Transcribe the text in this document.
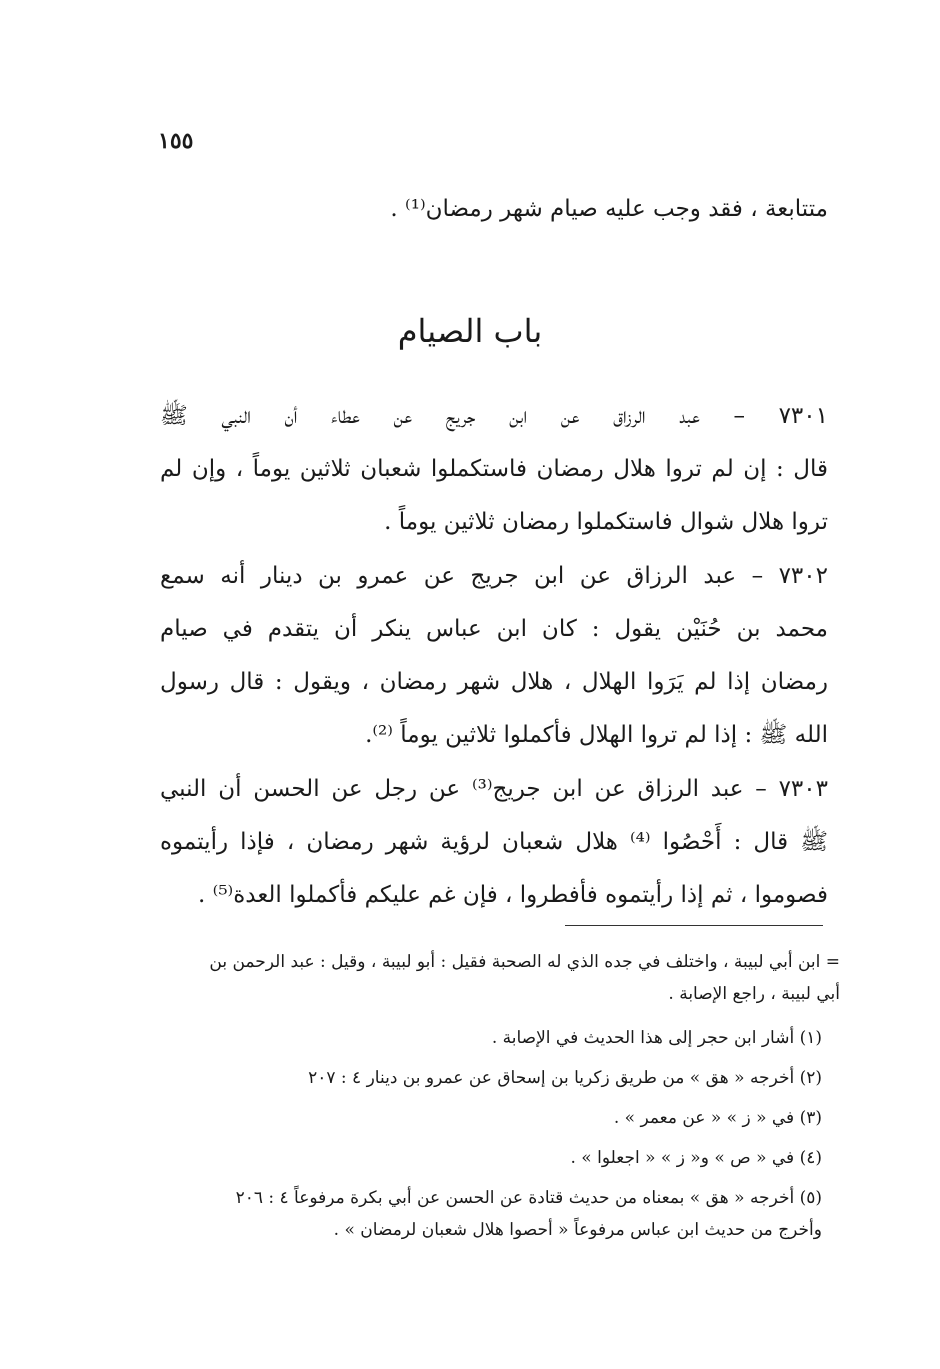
١٥٥
متتابعة ، فقد وجب عليه صيام شهر رمضان⁽¹⁾ .
باب الصيام
٧٣٠١ – عبد الرزاق عن ابن جريج عن عطاء أن النبي ﷺ
قال : إن لم تروا هلال رمضان فاستكملوا شعبان ثلاثين يوماً ، وإن لم
تروا هلال شوال فاستكملوا رمضان ثلاثين يوماً .
٧٣٠٢ – عبد الرزاق عن ابن جريج عن عمرو بن دينار أنه سمع
محمد بن حُنَيْن يقول : كان ابن عباس ينكر أن يتقدم في صيام
رمضان إذا لم يَرَوا الهلال ، هلال شهر رمضان ، ويقول : قال رسول
الله ﷺ : إذا لم تروا الهلال فأكملوا ثلاثين يوماً ⁽²⁾.
٧٣٠٣ – عبد الرزاق عن ابن جريج⁽³⁾ عن رجل عن الحسن أن النبي
ﷺ قال : أَحْصُوا ⁽⁴⁾ هلال شعبان لرؤية شهر رمضان ، فإذا رأيتموه
فصوموا ، ثم إذا رأيتموه فأفطروا ، فإن غم عليكم فأكملوا العدة⁽⁵⁾ .
= ابن أبي لبيبة ، واختلف في جده الذي له الصحبة فقيل : أبو لبيبة ، وقيل : عبد الرحمن بن
أبي لبيبة ، راجع الإصابة .
(١) أشار ابن حجر إلى هذا الحديث في الإصابة .
(٢) أخرجه « هق » من طريق زكريا بن إسحاق عن عمرو بن دينار ٤ : ٢٠٧
(٣) في « ز » « عن معمر » .
(٤) في « ص » و« ز » « اجعلوا » .
(٥) أخرجه « هق » بمعناه من حديث قتادة عن الحسن عن أبي بكرة مرفوعاً ٤ : ٢٠٦
وأخرج من حديث ابن عباس مرفوعاً « أحصوا هلال شعبان لرمضان » .
